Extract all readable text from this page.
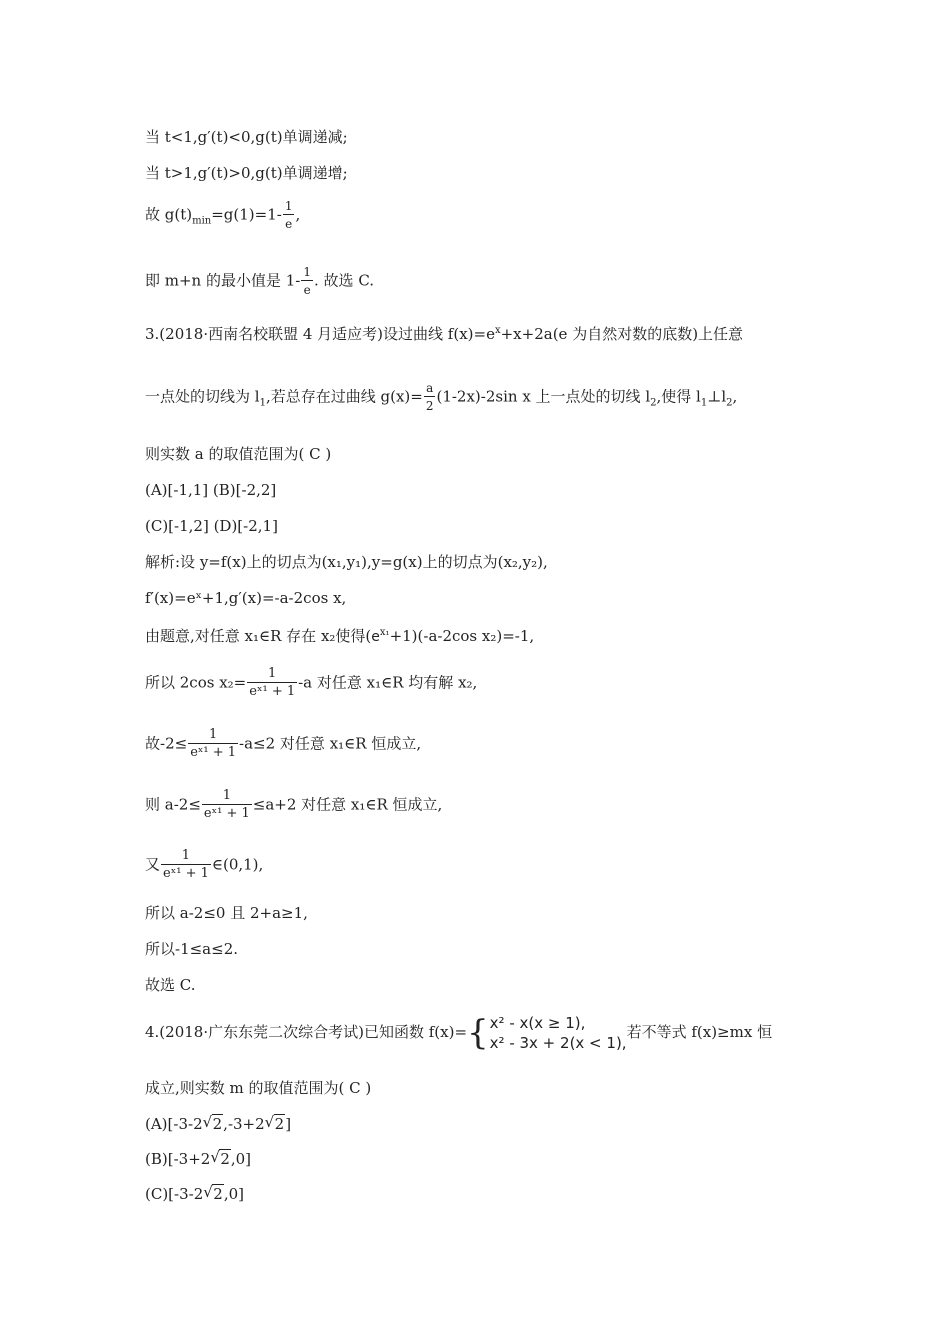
当 t<1,g′(t)<0,g(t)单调递减;
当 t>1,g′(t)>0,g(t)单调递增;
故 $g(t)_{min}=g(1)=1- \frac{1}{e}$ ,
即 m+n 的最小值是 $1- \frac{1}{e}$ . 故选 C.
3.(2018·西南名校联盟 4 月适应考)设过曲线 $f(x)=e^x+x+2a(e$ 为自然对数的底数)上任意
一点处的切线为 $l_1$,若总存在过曲线 $g(x)= \frac{a}{2} (1-2x)-2\sin$ x 上一点处的切线 $l_2$,使得 $l_1\perp l_2$,
则实数 a 的取值范围为( C )
(A)[-1,1] (B)[-2,2]
(C)[-1,2] (D)[-2,1]
解析:设 y=f(x)上的切点为(x₁,y₁),y=g(x)上的切点为(x₂,y₂),
f′(x)=eˣ+1,g′(x)=-a-2cos x,
由题意,对任意 x₁∈R 存在 x₂使得$(e^{x_1}+1)(-a-2\cos$ x₂)=-1,
所以 2cos $x_2= \frac{1}{\text{eˣ¹ + 1}} -a$ 对任意 x₁∈R 均有解 x₂,
故$-2\le \frac{1}{\text{eˣ¹ + 1}} -a\le 2$ 对任意 x₁∈R 恒成立,
则 $a-2\le \frac{1}{\text{eˣ¹ + 1}} \le a+2$ 对任意 x₁∈R 恒成立,
又 $\frac{1}{\text{eˣ¹ + 1}}$ ∈(0,1),
所以 a-2≤0 且 2+a≥1,
所以-1≤a≤2.
故选 C.
4.(2018·广东东莞二次综合考试)已知函数 f(x)={ x² - x(x ≥ 1),
x² - 3x + 2(x < 1),
若不等式 f(x)≥mx 恒
成立,则实数 m 的取值范围为( C )
(A)[-3-2 √ 2,-3+2 √ 2]
(B)[-3+2 √ 2,0]
(C)[-3-2 √ 2,0]
